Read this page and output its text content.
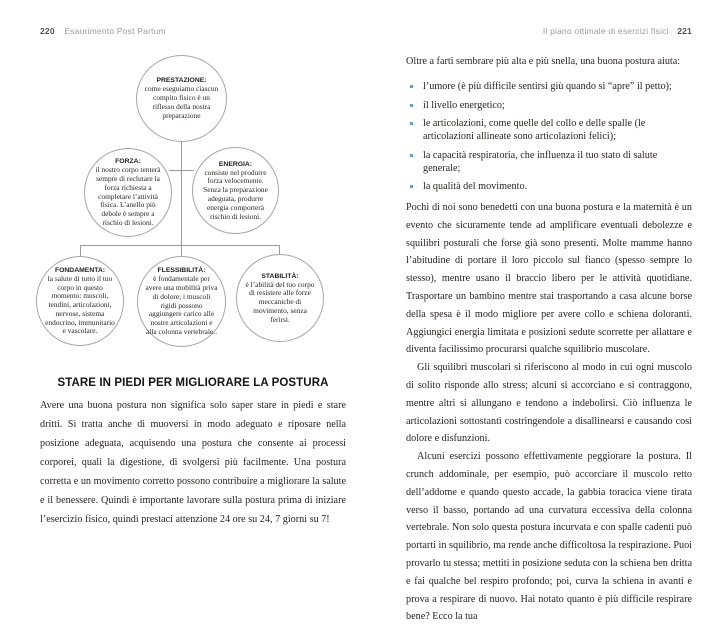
220 Esaurimento Post Partum	Il piano ottimale di esercizi fisici 221
PRESTAZIONE:
come eseguiamo ciascun compito fisico è un riflesso della nostra preparazione
FORZA:
il nostro corpo tenterà sempre di reclutare la forza richiesta a completare l’attività fisica. L’anello più debole è sempre a rischio di lesioni.
ENERGIA:
consiste nel produrre forza velocemente. Senza la preparazione adeguata, produrre energia comporterà rischio di lesioni.
FONDAMENTA:
la salute di tutto il tuo corpo in questo momento: muscoli, tendini, articolazioni, nervose, sistema endocrino, immunitario e vascolare.
FLESSIBILITÀ:
è fondamentale per avere una mobilità priva di dolore; i muscoli rigidi possono aggiungere carico alle nostre articolazioni e alla colonna vertebrale..
STABILITÀ:
è l’abilità del tuo corpo di resistere alle forze meccaniche di movimento, senza ferirsi.
STARE IN PIEDI PER MIGLIORARE LA POSTURA
Avere una buona postura non significa solo saper stare in piedi e stare dritti. Si tratta anche di muoversi in modo adeguato e riposare nella posizione adeguata, acquisendo una postura che consente ai processi corporei, quali la digestione, di svolgersi più facilmente. Una postura corretta e un movimento corretto possono contribuire a migliorare la salute e il benessere. Quindi è importante lavorare sulla postura prima di iniziare l’esercizio fisico, quindi prestaci attenzione 24 ore su 24, 7 giorni su 7!
Oltre a farti sembrare più alta e più snella, una buona postura aiuta:
l’umore (è più difficile sentirsi giù quando si “apre” il petto);
il livello energetico;
le articolazioni, come quelle del collo e delle spalle (le articolazioni allineate sono articolazioni felici);
la capacità respiratoria, che influenza il tuo stato di salute generale;
la qualità del movimento.

Pochi di noi sono benedetti con una buona postura e la maternità è un evento che sicuramente tende ad amplificare eventuali debolezze e squilibri posturali che forse già sono presenti. Molte mamme hanno l’abitudine di portare il loro piccolo sul fianco (spesso sempre lo stesso), mentre usano il braccio libero per le attività quotidiane. Trasportare un bambino mentre stai trasportando a casa alcune borse della spesa è il modo migliore per avere collo e schiena doloranti. Aggiungici energia limitata e posizioni sedute scorrette per allattare e diventa facilissimo procurarsi qualche squilibrio muscolare.

Gli squilibri muscolari si riferiscono al modo in cui ogni muscolo di solito risponde allo stress; alcuni si accorciano e si contraggono, mentre altri si allungano e tendono a indebolirsi. Ciò influenza le articolazioni sottostanti costringendole a disallinearsi e causando così dolore e disfunzioni.

Alcuni esercizi possono effettivamente peggiorare la postura. Il crunch addominale, per esempio, può accorciare il muscolo retto dell’addome e quando questo accade, la gabbia toracica viene tirata verso il basso, portando ad una curvatura eccessiva della colonna vertebrale. Non solo questa postura incurvata e con spalle cadenti può portarti in squilibrio, ma rende anche difficoltosa la respirazione. Puoi provarlo tu stessa; mettiti in posizione seduta con la schiena ben dritta e fai qualche bel respiro profondo; poi, curva la schiena in avanti e prova a respirare di nuovo. Hai notato quanto è più difficile respirare bene? Ecco la tua
